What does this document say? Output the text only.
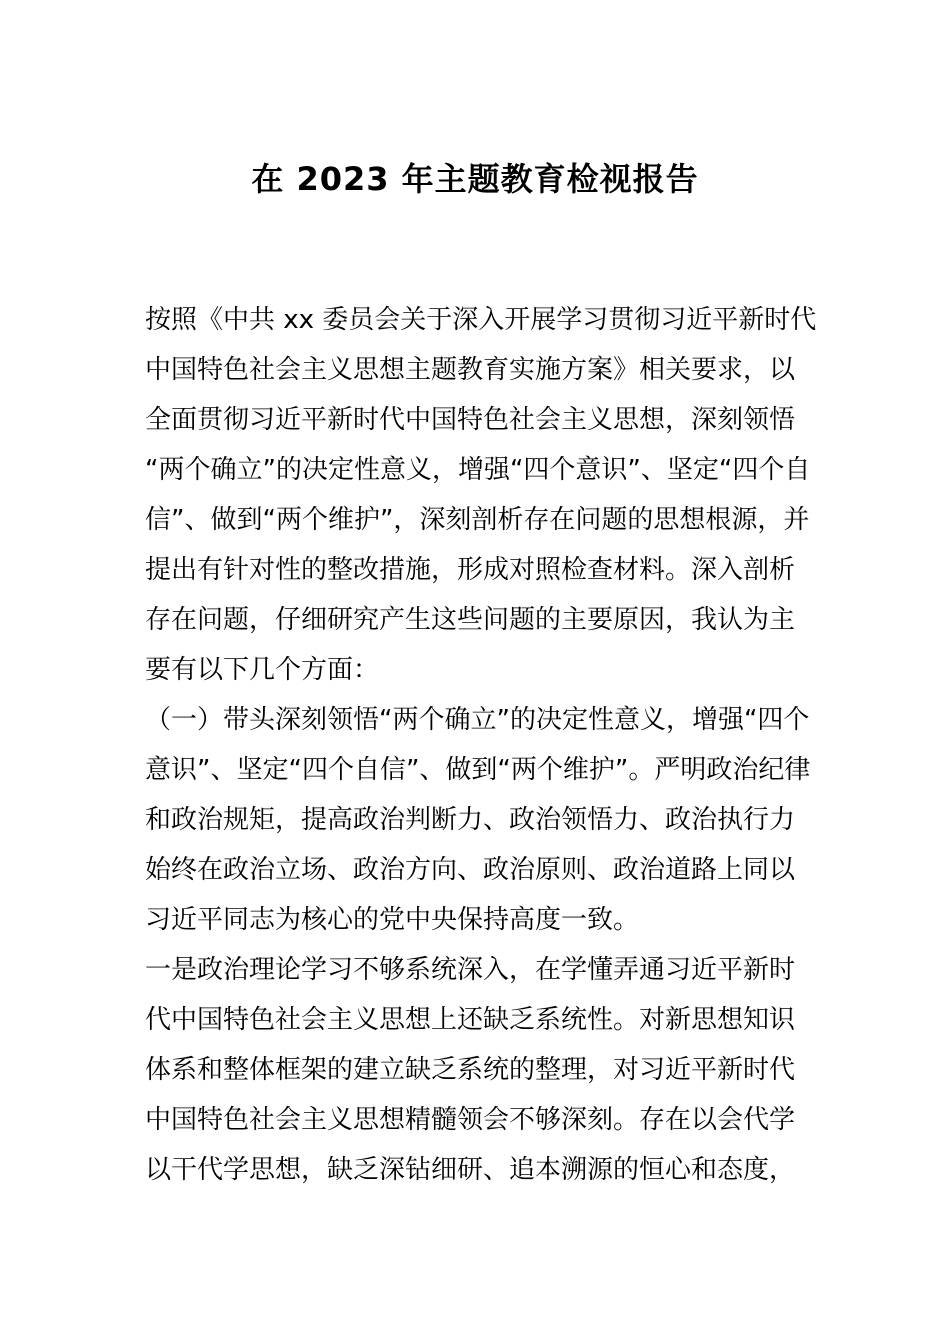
在 2023 年主题教育检视报告
按照《中共 xx 委员会关于深入开展学习贯彻习近平新时代
中国特色社会主义思想主题教育实施方案》相关要求，以
全面贯彻习近平新时代中国特色社会主义思想，深刻领悟
“两个确立”的决定性意义，增强“四个意识”、坚定“四个自
信”、做到“两个维护”，深刻剖析存在问题的思想根源，并
提出有针对性的整改措施，形成对照检查材料。深入剖析
存在问题，仔细研究产生这些问题的主要原因，我认为主
要有以下几个方面：
（一）带头深刻领悟“两个确立”的决定性意义，增强“四个
意识”、坚定“四个自信”、做到“两个维护”。严明政治纪律
和政治规矩，提高政治判断力、政治领悟力、政治执行力
始终在政治立场、政治方向、政治原则、政治道路上同以
习近平同志为核心的党中央保持高度一致。
一是政治理论学习不够系统深入，在学懂弄通习近平新时
代中国特色社会主义思想上还缺乏系统性。对新思想知识
体系和整体框架的建立缺乏系统的整理，对习近平新时代
中国特色社会主义思想精髓领会不够深刻。存在以会代学
以干代学思想，缺乏深钻细研、追本溯源的恒心和态度，
